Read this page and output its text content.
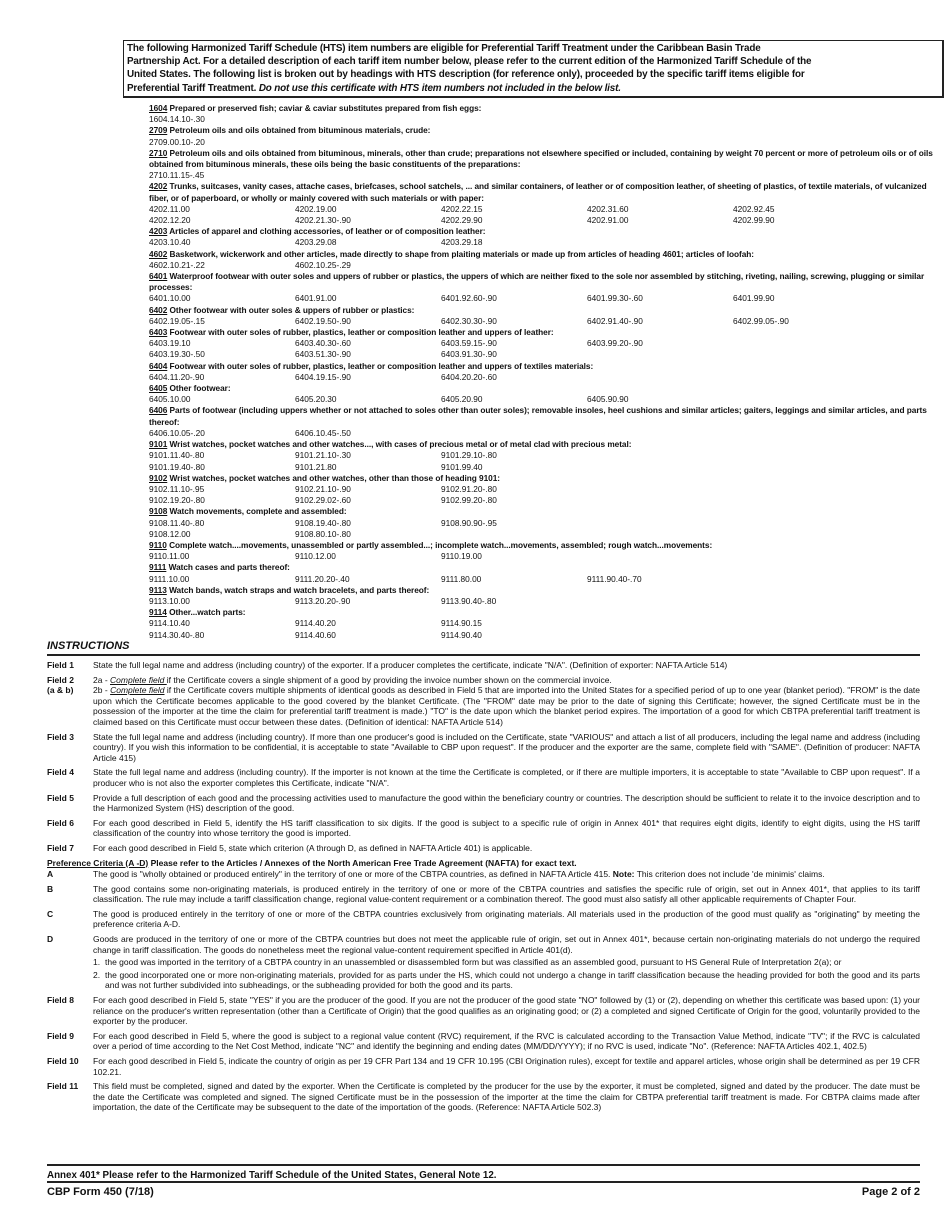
The following Harmonized Tariff Schedule (HTS) item numbers are eligible for Preferential Tariff Treatment under the Caribbean Basin Trade
Partnership Act. For a detailed description of each tariff item number below, please refer to the current edition of the Harmonized Tariff Schedule of the
United States. The following list is broken out by headings with HTS description (for reference only), proceeded by the specific tariff items eligible for
Preferential Tariff Treatment. Do not use this certificate with HTS item numbers not included in the below list.
1604 Prepared or preserved fish; caviar & caviar substitutes prepared from fish eggs:
1604.14.10-.30
2709 Petroleum oils and oils obtained from bituminous materials, crude:
2709.00.10-.20
2710 Petroleum oils and oils obtained from bituminous, minerals, other than crude; preparations not elsewhere specified or included, containing by weight 70 percent or more of petroleum oils or of oils obtained from bituminous minerals, these oils being the basic constituents of the preparations:
2710.11.15-.45
4202 Trunks, suitcases, vanity cases, attache cases, briefcases, school satchels, ... and similar containers, of leather or of composition leather, of sheeting of plastics, of textile materials, of vulcanized fiber, or of paperboard, or wholly or mainly covered with such materials or with paper:
4202.11.00	4202.19.00	4202.22.15	4202.31.60	4202.92.45
4202.12.20	4202.21.30-.90	4202.29.90	4202.91.00	4202.99.90
4203 Articles of apparel and clothing accessories, of leather or of composition leather:
4203.10.40	4203.29.08	4203.29.18
4602 Basketwork, wickerwork and other articles, made directly to shape from plaiting materials or made up from articles of heading 4601; articles of loofah:
4602.10.21-.22	4602.10.25-.29
6401 Waterproof footwear with outer soles and uppers of rubber or plastics, the uppers of which are neither fixed to the sole nor assembled by stitching, riveting, nailing, screwing, plugging or similar processes:
6401.10.00	6401.91.00	6401.92.60-.90	6401.99.30-.60	6401.99.90
6402 Other footwear with outer soles & uppers of rubber or plastics:
6402.19.05-.15	6402.19.50-.90	6402.30.30-.90	6402.91.40-.90	6402.99.05-.90
6403 Footwear with outer soles of rubber, plastics, leather or composition leather and uppers of leather:
6403.19.10	6403.40.30-.60	6403.59.15-.90	6403.99.20-.90
6403.19.30-.50	6403.51.30-.90	6403.91.30-.90
6404 Footwear with outer soles of rubber, plastics, leather or composition leather and uppers of textiles materials:
6404.11.20-.90	6404.19.15-.90	6404.20.20-.60
6405 Other footwear:
6405.10.00	6405.20.30	6405.20.90	6405.90.90
6406 Parts of footwear (including uppers whether or not attached to soles other than outer soles); removable insoles, heel cushions and similar articles; gaiters, leggings and similar articles, and parts thereof:
6406.10.05-.20	6406.10.45-.50
9101 Wrist watches, pocket watches and other watches..., with cases of precious metal or of metal clad with precious metal:
9101.11.40-.80	9101.21.10-.30	9101.29.10-.80
9101.19.40-.80	9101.21.80	9101.99.40
9102 Wrist watches, pocket watches and other watches, other than those of heading 9101:
9102.11.10-.95	9102.21.10-.90	9102.91.20-.80
9102.19.20-.80	9102.29.02-.60	9102.99.20-.80
9108 Watch movements, complete and assembled:
9108.11.40-.80	9108.19.40-.80	9108.90.90-.95
9108.12.00	9108.80.10-.80
9110 Complete watch....movements, unassembled or partly assembled...; incomplete watch...movements, assembled; rough watch...movements:
9110.11.00	9110.12.00	9110.19.00
9111 Watch cases and parts thereof:
9111.10.00	9111.20.20-.40	9111.80.00	9111.90.40-.70
9113 Watch bands, watch straps and watch bracelets, and parts thereof:
9113.10.00	9113.20.20-.90	9113.90.40-.80
9114 Other...watch parts:
9114.10.40	9114.40.20	9114.90.15
9114.30.40-.80	9114.40.60	9114.90.40
INSTRUCTIONS
Field 1	State the full legal name and address (including country) of the exporter. If a producer completes the certificate, indicate "N/A". (Definition of exporter: NAFTA Article 514)
Field 2
(a & b)
2a - Complete field if the Certificate covers a single shipment of a good by providing the invoice number shown on the commercial invoice.
2b - Complete field if the Certificate covers multiple shipments of identical goods as described in Field 5 that are imported into the United States for a specified period of up to one year (blanket period). "FROM" is the date upon which the Certificate becomes applicable to the good covered by the blanket Certificate. (The "FROM" date may be prior to the date of signing this Certificate; however, the signed Certificate must be in the possession of the importer at the time the claim for preferential tariff treatment is made.) "TO" is the date upon which the blanket period expires. The importation of a good for which CBTPA preferential tariff treatment is claimed based on this Certificate must occur between these dates. (Definition of identical: NAFTA Article 514)
Field 3	State the full legal name and address (including country). If more than one producer's good is included on the Certificate, state "VARIOUS" and attach a list of all producers, including the legal name and address (including country). If you wish this information to be confidential, it is acceptable to state "Available to CBP upon request". If the producer and the exporter are the same, complete field with "SAME". (Definition of producer: NAFTA Article 415)
Field 4	State the full legal name and address (including country). If the importer is not known at the time the Certificate is completed, or if there are multiple importers, it is acceptable to state "Available to CBP upon request". If a producer who is not also the exporter completes this Certificate, indicate "N/A".
Field 5	Provide a full description of each good and the processing activities used to manufacture the good within the beneficiary country or countries. The description should be sufficient to relate it to the invoice description and to the Harmonized System (HS) description of the good.
Field 6	For each good described in Field 5, identify the HS tariff classification to six digits. If the good is subject to a specific rule of origin in Annex 401* that requires eight digits, identify to eight digits, using the HS tariff classification of the country into whose territory the good is imported.
Field 7	For each good described in Field 5, state which criterion (A through D, as defined in NAFTA Article 401) is applicable.
Preference Criteria (A -D) Please refer to the Articles / Annexes of the North American Free Trade Agreement (NAFTA) for exact text.
A	The good is "wholly obtained or produced entirely" in the territory of one or more of the CBTPA countries, as defined in NAFTA Article 415. Note: This criterion does not include 'de minimis' claims.
B	The good contains some non-originating materials, is produced entirely in the territory of one or more of the CBTPA countries and satisfies the specific rule of origin, set out in Annex 401*, that applies to its tariff classification. The rule may include a tariff classification change, regional value-content requirement or a combination thereof. The good must also satisfy all other applicable requirements of Chapter Four.
C	The good is produced entirely in the territory of one or more of the CBTPA countries exclusively from originating materials. All materials used in the production of the good must qualify as "originating" by meeting the preference criteria A-D.
D	Goods are produced in the territory of one or more of the CBTPA countries but does not meet the applicable rule of origin, set out in Annex 401*, because certain non-originating materials do not undergo the required change in tariff classification. The goods do nonetheless meet the regional value-content requirement specified in Article 401(d).
1. the good was imported in the territory of a CBTPA country in an unassembled or disassembled form but was classified as an assembled good, pursuant to HS General Rule of Interpretation 2(a); or
2. the good incorporated one or more non-originating materials, provided for as parts under the HS, which could not undergo a change in tariff classification because the heading provided for both the good and its parts and was not further subdivided into subheadings, or the subheading provided for both the good and its parts.
Field 8	For each good described in Field 5, state "YES" if you are the producer of the good. If you are not the producer of the good state "NO" followed by (1) or (2), depending on whether this certificate was based upon: (1) your reliance on the producer's written representation (other than a Certificate of Origin) that the good qualifies as an originating good; or (2) a completed and signed Certificate of Origin for the good, voluntarily provided to the exporter by the producer.
Field 9	For each good described in Field 5, where the good is subject to a regional value content (RVC) requirement, if the RVC is calculated according to the Transaction Value Method, indicate "TV"; if the RVC is calculated over a period of time according to the Net Cost Method, indicate "NC" and identify the beginning and ending dates (MM/DD/YYYY); if no RVC is used, indicate "No". (Reference: NAFTA Articles 402.1, 402.5)
Field 10	For each good described in Field 5, indicate the country of origin as per 19 CFR Part 134 and 19 CFR 10.195 (CBI Origination rules), except for textile and apparel articles, whose origin shall be determined as per 19 CFR 102.21.
Field 11	This field must be completed, signed and dated by the exporter. When the Certificate is completed by the producer for the use by the exporter, it must be completed, signed and dated by the producer. The date must be the date the Certificate was completed and signed. The signed Certificate must be in the possession of the importer at the time the claim for CBTPA preferential tariff treatment is made. For CBTPA claims made after importation, the date of the Certificate may be subsequent to the date of the importation of the goods. (Reference: NAFTA Article 502.3)
Annex 401* Please refer to the Harmonized Tariff Schedule of the United States, General Note 12.
CBP Form 450 (7/18)	Page 2 of 2
